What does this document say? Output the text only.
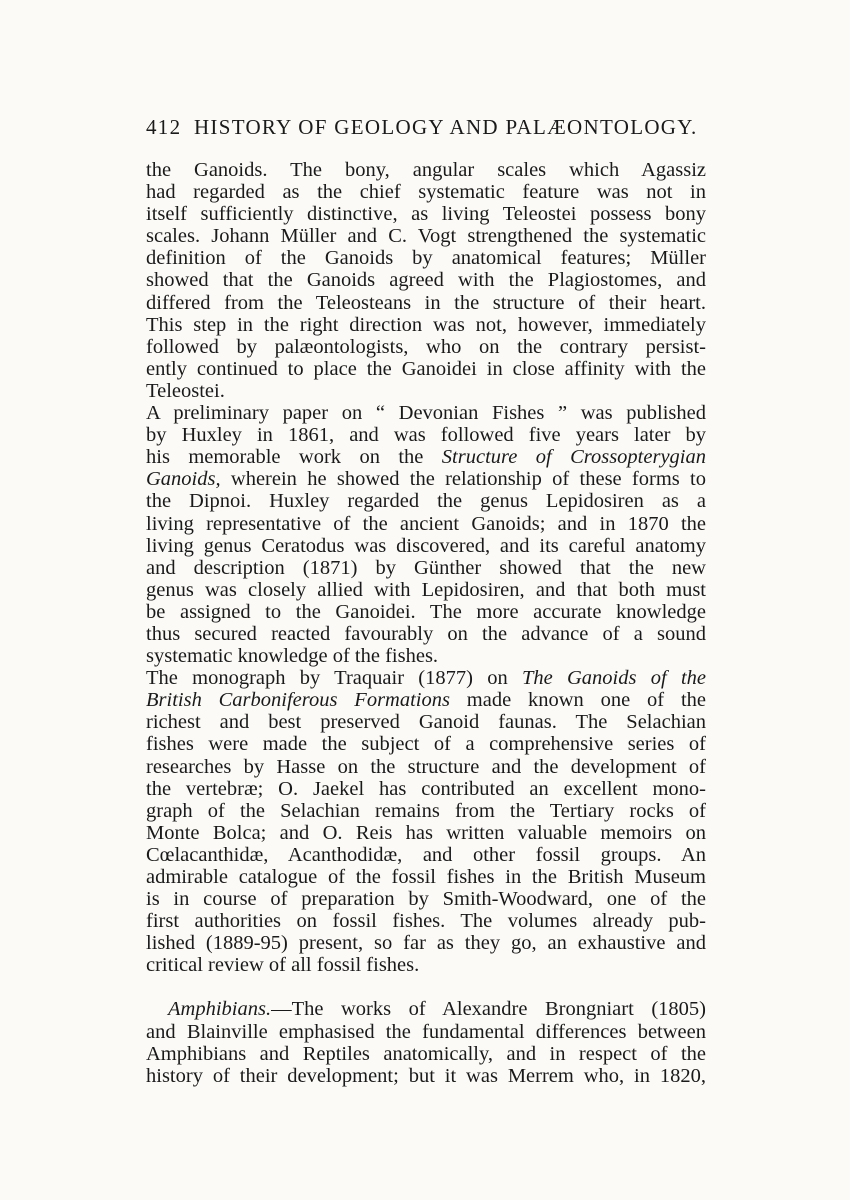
412 HISTORY OF GEOLOGY AND PALÆONTOLOGY.
the Ganoids. The bony, angular scales which Agassiz
had regarded as the chief systematic feature was not in
itself sufficiently distinctive, as living Teleostei possess bony
scales. Johann Müller and C. Vogt strengthened the systematic
definition of the Ganoids by anatomical features; Müller
showed that the Ganoids agreed with the Plagiostomes, and
differed from the Teleosteans in the structure of their heart.
This step in the right direction was not, however, immediately
followed by palæontologists, who on the contrary persist-
ently continued to place the Ganoidei in close affinity with the
Teleostei.
A preliminary paper on “ Devonian Fishes ” was published
by Huxley in 1861, and was followed five years later by
his memorable work on the Structure of Crossopterygian
Ganoids, wherein he showed the relationship of these forms to
the Dipnoi. Huxley regarded the genus Lepidosiren as a
living representative of the ancient Ganoids; and in 1870 the
living genus Ceratodus was discovered, and its careful anatomy
and description (1871) by Günther showed that the new
genus was closely allied with Lepidosiren, and that both must
be assigned to the Ganoidei. The more accurate knowledge
thus secured reacted favourably on the advance of a sound
systematic knowledge of the fishes.
The monograph by Traquair (1877) on The Ganoids of the
British Carboniferous Formations made known one of the
richest and best preserved Ganoid faunas. The Selachian
fishes were made the subject of a comprehensive series of
researches by Hasse on the structure and the development of
the vertebræ; O. Jaekel has contributed an excellent mono-
graph of the Selachian remains from the Tertiary rocks of
Monte Bolca; and O. Reis has written valuable memoirs on
Cœlacanthidæ, Acanthodidæ, and other fossil groups. An
admirable catalogue of the fossil fishes in the British Museum
is in course of preparation by Smith-Woodward, one of the
first authorities on fossil fishes. The volumes already pub-
lished (1889-95) present, so far as they go, an exhaustive and
critical review of all fossil fishes.
Amphibians.—The works of Alexandre Brongniart (1805)
and Blainville emphasised the fundamental differences between
Amphibians and Reptiles anatomically, and in respect of the
history of their development; but it was Merrem who, in 1820,
